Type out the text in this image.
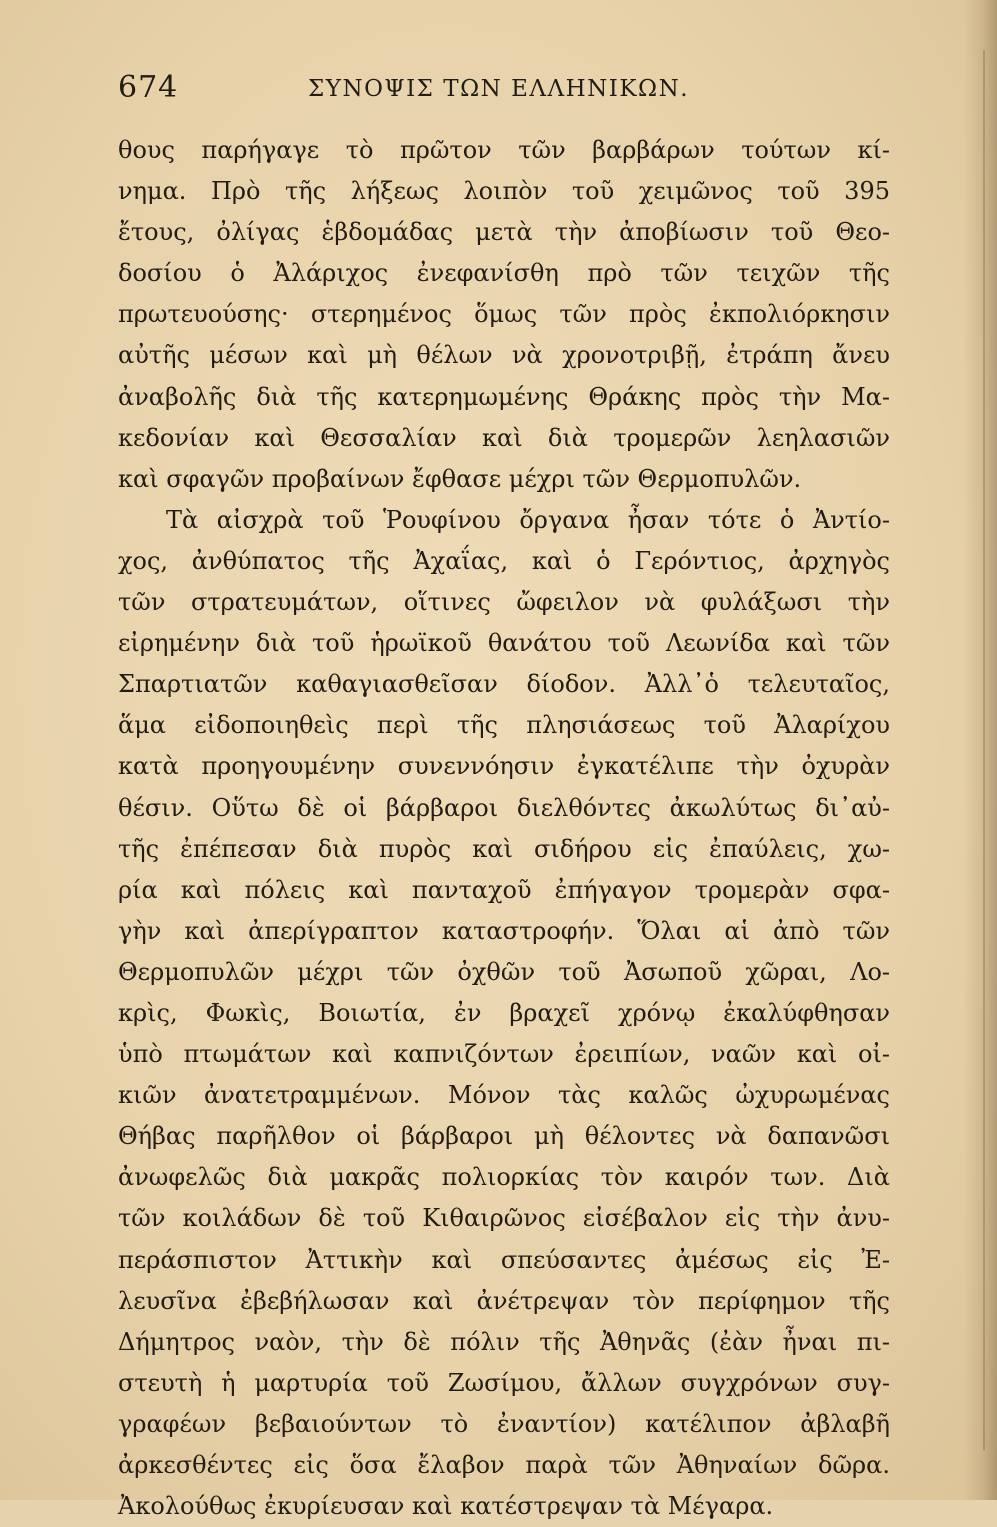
674	ΣΥΝΟΨΙΣ ΤΩΝ ΕΛΛΗΝΙΚΩΝ.
θους παρήγαγε τὸ πρῶτον τῶν βαρβάρων τούτων κί-
νημα. Πρὸ τῆς λήξεως λοιπὸν τοῦ χειμῶνος τοῦ 395
ἔτους, ὀλίγας ἑβδομάδας μετὰ τὴν ἀποβίωσιν τοῦ Θεο-
δοσίου ὁ Ἀλάριχος ἐνεφανίσθη πρὸ τῶν τειχῶν τῆς
πρωτευούσης· στερημένος ὅμως τῶν πρὸς ἐκπολιόρκησιν
αὐτῆς μέσων καὶ μὴ θέλων νὰ χρονοτριβῇ, ἐτράπη ἄνευ
ἀναβολῆς διὰ τῆς κατερημωμένης Θράκης πρὸς τὴν Μα-
κεδονίαν καὶ Θεσσαλίαν καὶ διὰ τρομερῶν λεηλασιῶν
καὶ σφαγῶν προβαίνων ἔφθασε μέχρι τῶν Θερμοπυλῶν.
Τὰ αἰσχρὰ τοῦ Ῥουφίνου ὄργανα ἦσαν τότε ὁ Ἀντίο-
χος, ἀνθύπατος τῆς Ἀχαΐας, καὶ ὁ Γερόντιος, ἀρχηγὸς
τῶν στρατευμάτων, οἵτινες ὤφειλον νὰ φυλάξωσι τὴν
εἰρημένην διὰ τοῦ ἡρωϊκοῦ θανάτου τοῦ Λεωνίδα καὶ τῶν
Σπαρτιατῶν καθαγιασθεῖσαν δίοδον. Ἀλλ᾽ὁ τελευταῖος,
ἅμα εἰδοποιηθεὶς περὶ τῆς πλησιάσεως τοῦ Ἀλαρίχου
κατὰ προηγουμένην συνεννόησιν ἐγκατέλιπε τὴν ὀχυρὰν
θέσιν. Οὕτω δὲ οἱ βάρβαροι διελθόντες ἀκωλύτως δι᾽αὐ-
τῆς ἐπέπεσαν διὰ πυρὸς καὶ σιδήρου εἰς ἐπαύλεις, χω-
ρία καὶ πόλεις καὶ πανταχοῦ ἐπήγαγον τρομερὰν σφα-
γὴν καὶ ἀπερίγραπτον καταστροφήν. Ὅλαι αἱ ἀπὸ τῶν
Θερμοπυλῶν μέχρι τῶν ὀχθῶν τοῦ Ἀσωποῦ χῶραι, Λο-
κρὶς, Φωκὶς, Βοιωτία, ἐν βραχεῖ χρόνῳ ἐκαλύφθησαν
ὑπὸ πτωμάτων καὶ καπνιζόντων ἐρειπίων, ναῶν καὶ οἰ-
κιῶν ἀνατετραμμένων. Μόνον τὰς καλῶς ὠχυρωμένας
Θήβας παρῆλθον οἱ βάρβαροι μὴ θέλοντες νὰ δαπανῶσι
ἀνωφελῶς διὰ μακρᾶς πολιορκίας τὸν καιρόν των. Διὰ
τῶν κοιλάδων δὲ τοῦ Κιθαιρῶνος εἰσέβαλον εἰς τὴν ἀνυ-
περάσπιστον Ἀττικὴν καὶ σπεύσαντες ἀμέσως εἰς Ἐ-
λευσῖνα ἐβεβήλωσαν καὶ ἀνέτρεψαν τὸν περίφημον τῆς
Δήμητρος ναὸν, τὴν δὲ πόλιν τῆς Ἀθηνᾶς (ἐὰν ἦναι πι-
στευτὴ ἡ μαρτυρία τοῦ Ζωσίμου, ἄλλων συγχρόνων συγ-
γραφέων βεβαιούντων τὸ ἐναντίον) κατέλιπον ἀβλαβῆ
ἀρκεσθέντες εἰς ὅσα ἔλαβον παρὰ τῶν Ἀθηναίων δῶρα.
Ἀκολούθως ἐκυρίευσαν καὶ κατέστρεψαν τὰ Μέγαρα.
